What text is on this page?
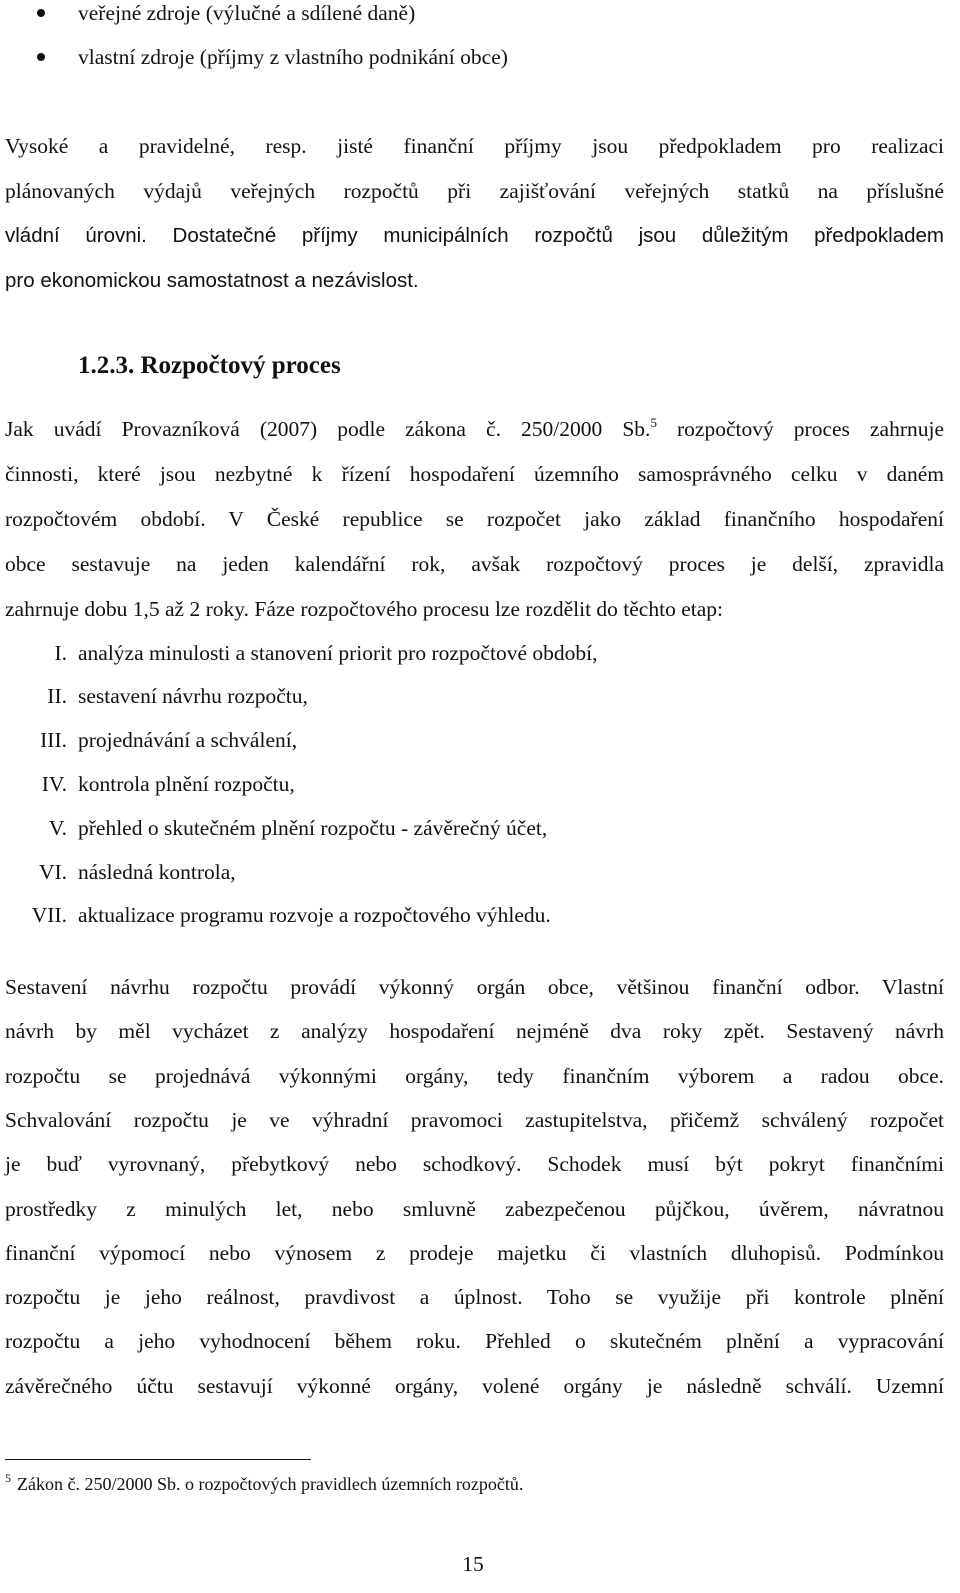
veřejné zdroje (výlučné a sdílené daně)
vlastní zdroje (příjmy z vlastního podnikání obce)
Vysoké a pravidelné, resp. jisté finanční příjmy jsou předpokladem pro realizaci
plánovaných výdajů veřejných rozpočtů při zajišťování veřejných statků na příslušné
vládní úrovni. Dostatečné příjmy municipálních rozpočtů jsou důležitým předpokladem
pro ekonomickou samostatnost a nezávislost.
1.2.3. Rozpočtový proces
Jak uvádí Provazníková (2007) podle zákona č. 250/2000 Sb.$^5$ rozpočtový proces zahrnuje
činnosti, které jsou nezbytné k řízení hospodaření územního samosprávného celku v daném
rozpočtovém období. V České republice se rozpočet jako základ finančního hospodaření
obce sestavuje na jeden kalendářní rok, avšak rozpočtový proces je delší, zpravidla
zahrnuje dobu 1,5 až 2 roky. Fáze rozpočtového procesu lze rozdělit do těchto etap:
I. analýza minulosti a stanovení priorit pro rozpočtové období,
II. sestavení návrhu rozpočtu,
III. projednávání a schválení,
IV. kontrola plnění rozpočtu,
V. přehled o skutečném plnění rozpočtu - závěrečný účet,
VI. následná kontrola,
VII. aktualizace programu rozvoje a rozpočtového výhledu.
Sestavení návrhu rozpočtu provádí výkonný orgán obce, většinou finanční odbor. Vlastní
návrh by měl vycházet z analýzy hospodaření nejméně dva roky zpět. Sestavený návrh
rozpočtu se projednává výkonnými orgány, tedy finančním výborem a radou obce.
Schvalování rozpočtu je ve výhradní pravomoci zastupitelstva, přičemž schválený rozpočet
je buď vyrovnaný, přebytkový nebo schodkový. Schodek musí být pokryt finančními
prostředky z minulých let, nebo smluvně zabezpečenou půjčkou, úvěrem, návratnou
finanční výpomocí nebo výnosem z prodeje majetku či vlastních dluhopisů. Podmínkou
rozpočtu je jeho reálnost, pravdivost a úplnost. Toho se využije při kontrole plnění
rozpočtu a jeho vyhodnocení během roku. Přehled o skutečném plnění a vypracování
závěrečného účtu sestavují výkonné orgány, volené orgány je následně schválí. Uzemní
$^5$ Zákon č. 250/2000 Sb. o rozpočtových pravidlech územních rozpočtů.
15
